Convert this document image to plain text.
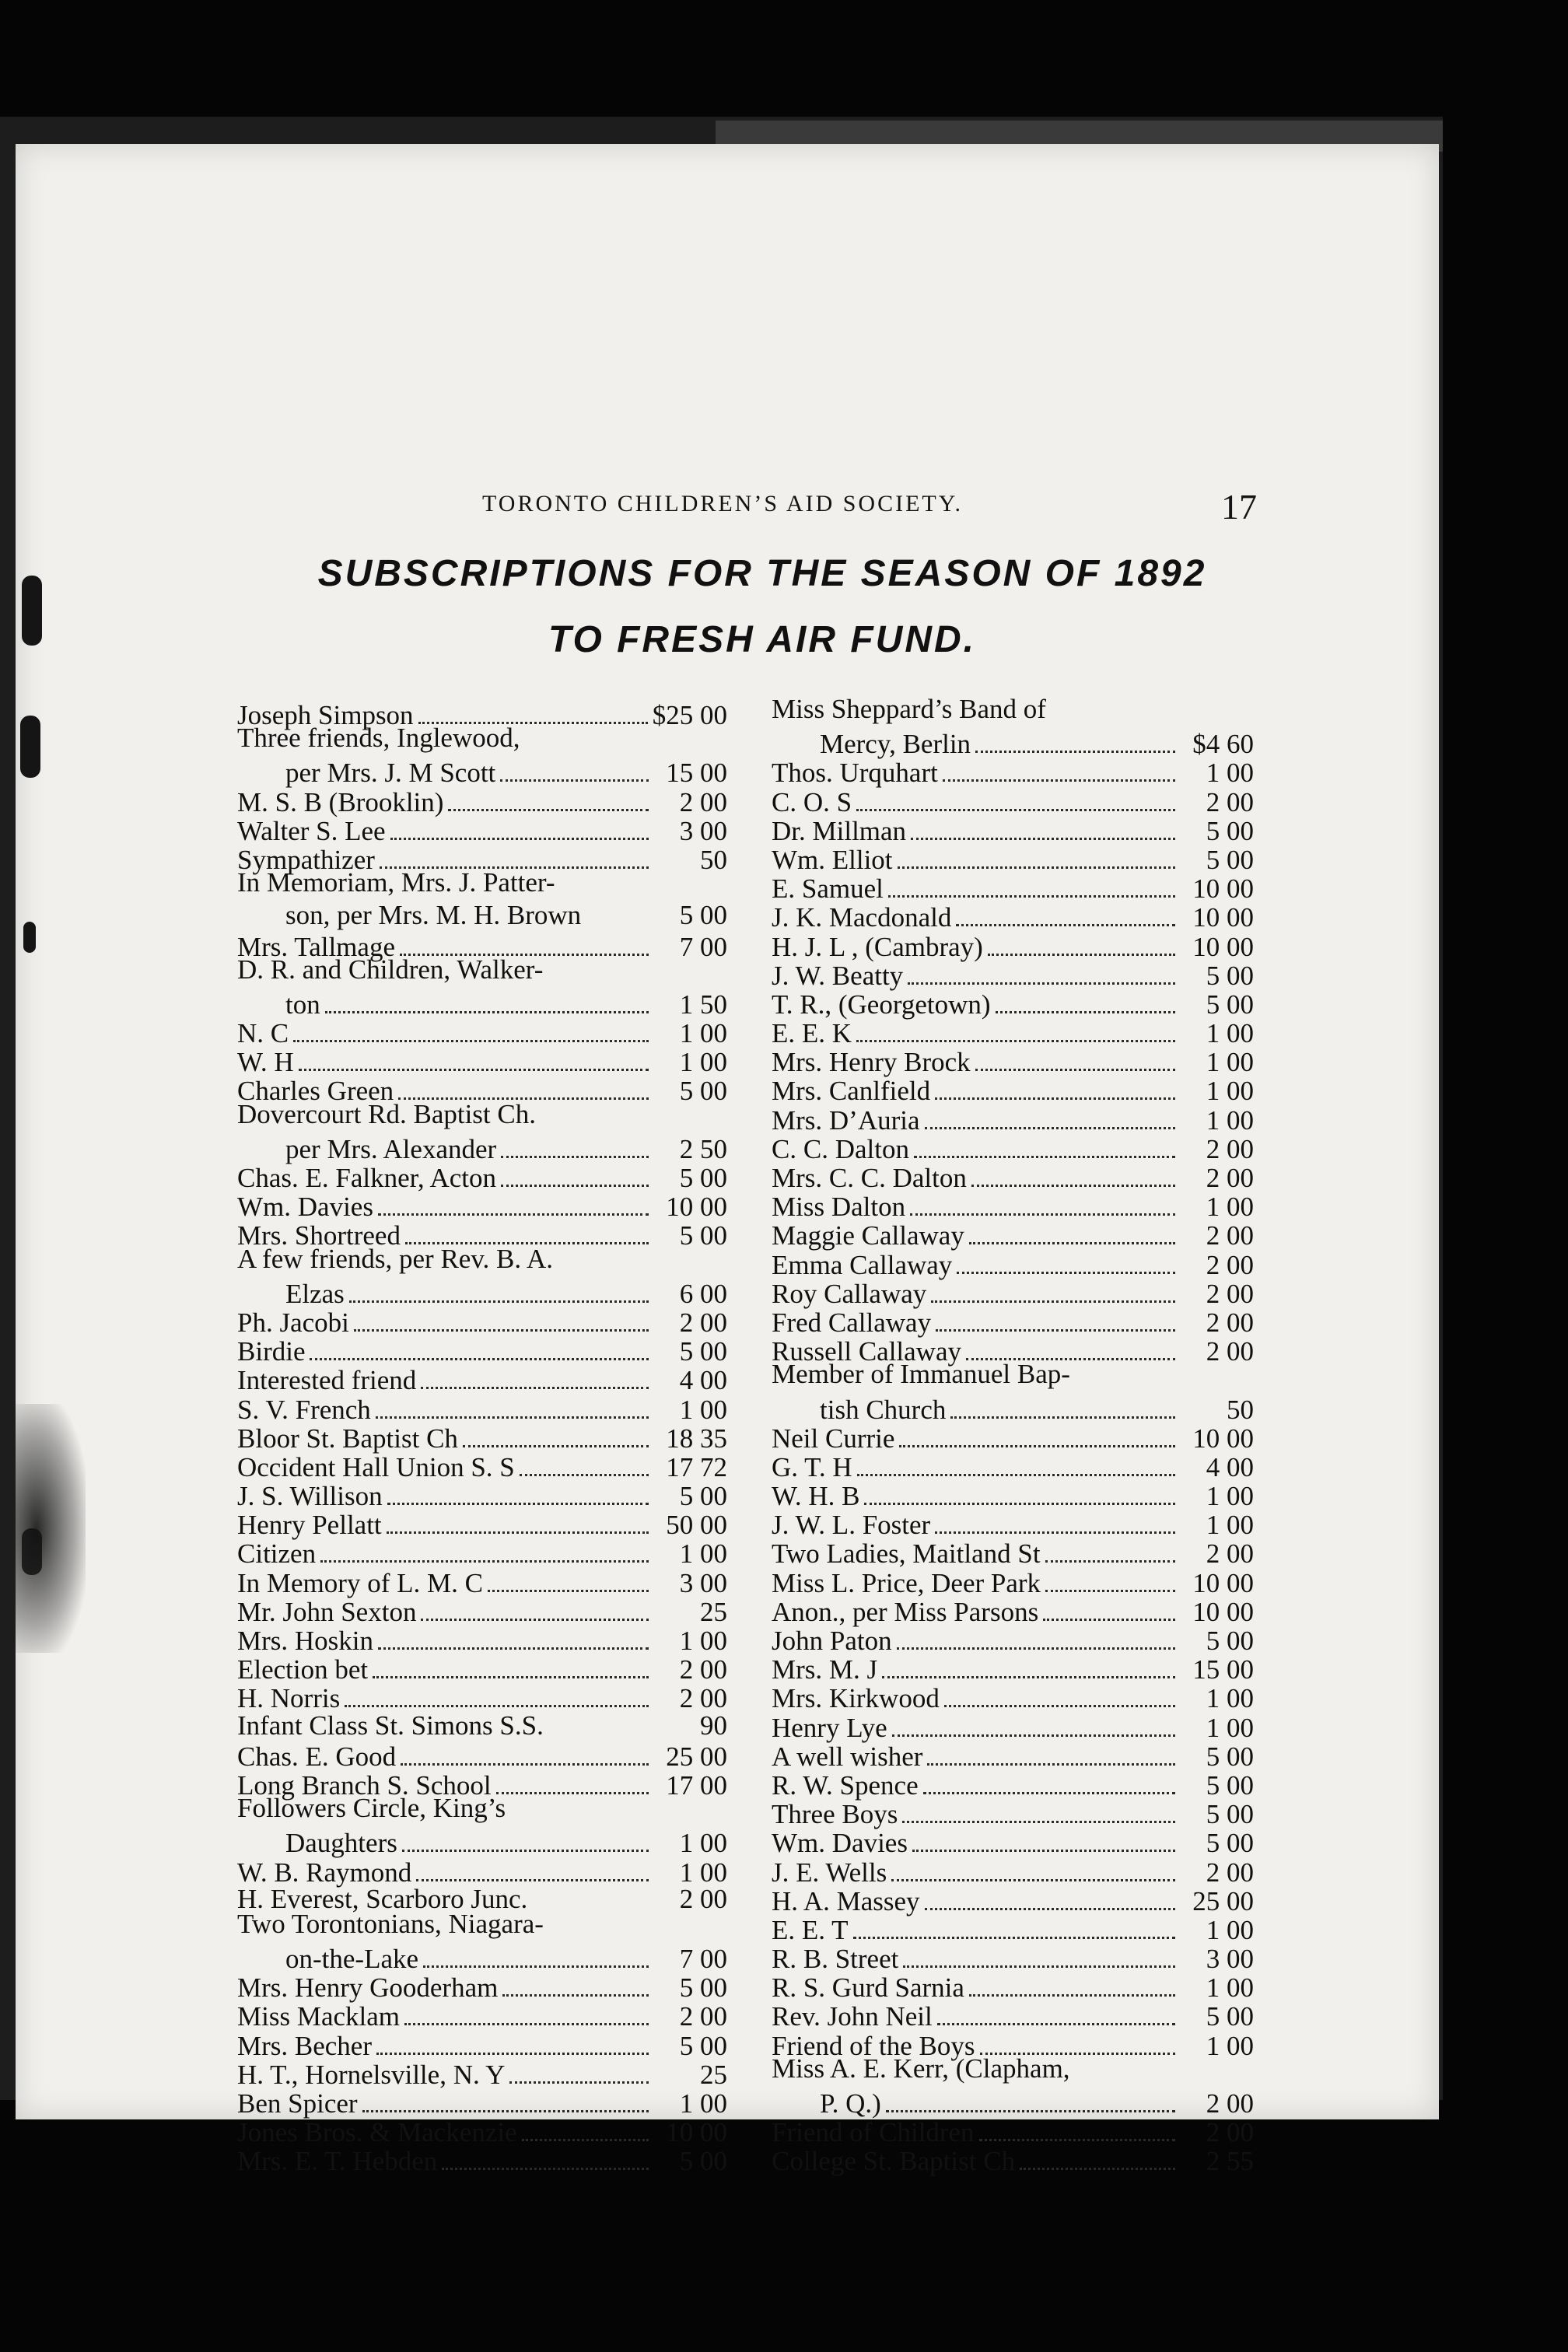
TORONTO CHILDREN’S AID SOCIETY.	17
SUBSCRIPTIONS FOR THE SEASON OF 1892
TO FRESH AIR FUND.
Joseph Simpson	$25 00
Three friends, Inglewood,
per Mrs. J. M Scott	15 00
M. S. B (Brooklin)	2 00
Walter S. Lee	3 00
Sympathizer	50
In Memoriam, Mrs. J. Patter-
son, per Mrs. M. H. Brown	5 00
Mrs. Tallmage	7 00
D. R. and Children, Walker-
ton	1 50
N. C	1 00
W. H	1 00
Charles Green	5 00
Dovercourt Rd. Baptist Ch.
per Mrs. Alexander	2 50
Chas. E. Falkner, Acton	5 00
Wm. Davies	10 00
Mrs. Shortreed	5 00
A few friends, per Rev. B. A.
Elzas	6 00
Ph. Jacobi	2 00
Birdie	5 00
Interested friend	4 00
S. V. French	1 00
Bloor St. Baptist Ch	18 35
Occident Hall Union S. S	17 72
J. S. Willison	5 00
Henry Pellatt	50 00
Citizen	1 00
In Memory of L. M. C	3 00
Mr. John Sexton	25
Mrs. Hoskin	1 00
Election bet	2 00
H. Norris	2 00
Infant Class St. Simons S.S.	90
Chas. E. Good	25 00
Long Branch S. School	17 00
Followers Circle, King’s
Daughters	1 00
W. B. Raymond	1 00
H. Everest, Scarboro Junc.	2 00
Two Torontonians, Niagara-
on-the-Lake	7 00
Mrs. Henry Gooderham	5 00
Miss Macklam	2 00
Mrs. Becher	5 00
H. T., Hornelsville, N. Y	25
Ben Spicer	1 00
Jones Bros. & Mackenzie	10 00
Mrs. E. T. Hebden	5 00
Miss Sheppard’s Band of
Mercy, Berlin	$4 60
Thos. Urquhart	1 00
C. O. S	2 00
Dr. Millman	5 00
Wm. Elliot	5 00
E. Samuel	10 00
J. K. Macdonald	10 00
H. J. L , (Cambray)	10 00
J. W. Beatty	5 00
T. R., (Georgetown)	5 00
E. E. K	1 00
Mrs. Henry Brock	1 00
Mrs. Canlfield	1 00
Mrs. D’Auria	1 00
C. C. Dalton	2 00
Mrs. C. C. Dalton	2 00
Miss Dalton	1 00
Maggie Callaway	2 00
Emma Callaway	2 00
Roy Callaway	2 00
Fred Callaway	2 00
Russell Callaway	2 00
Member of Immanuel Bap-
tish Church	50
Neil Currie	10 00
G. T. H	4 00
W. H. B	1 00
J. W. L. Foster	1 00
Two Ladies, Maitland St	2 00
Miss L. Price, Deer Park	10 00
Anon., per Miss Parsons	10 00
John Paton	5 00
Mrs. M. J	15 00
Mrs. Kirkwood	1 00
Henry Lye	1 00
A well wisher	5 00
R. W. Spence	5 00
Three Boys	5 00
Wm. Davies	5 00
J. E. Wells	2 00
H. A. Massey	25 00
E. E. T	1 00
R. B. Street	3 00
R. S. Gurd Sarnia	1 00
Rev. John Neil	5 00
Friend of the Boys	1 00
Miss A. E. Kerr, (Clapham,
P. Q.)	2 00
Friend of Children	2 00
College St. Baptist Ch	2 55
